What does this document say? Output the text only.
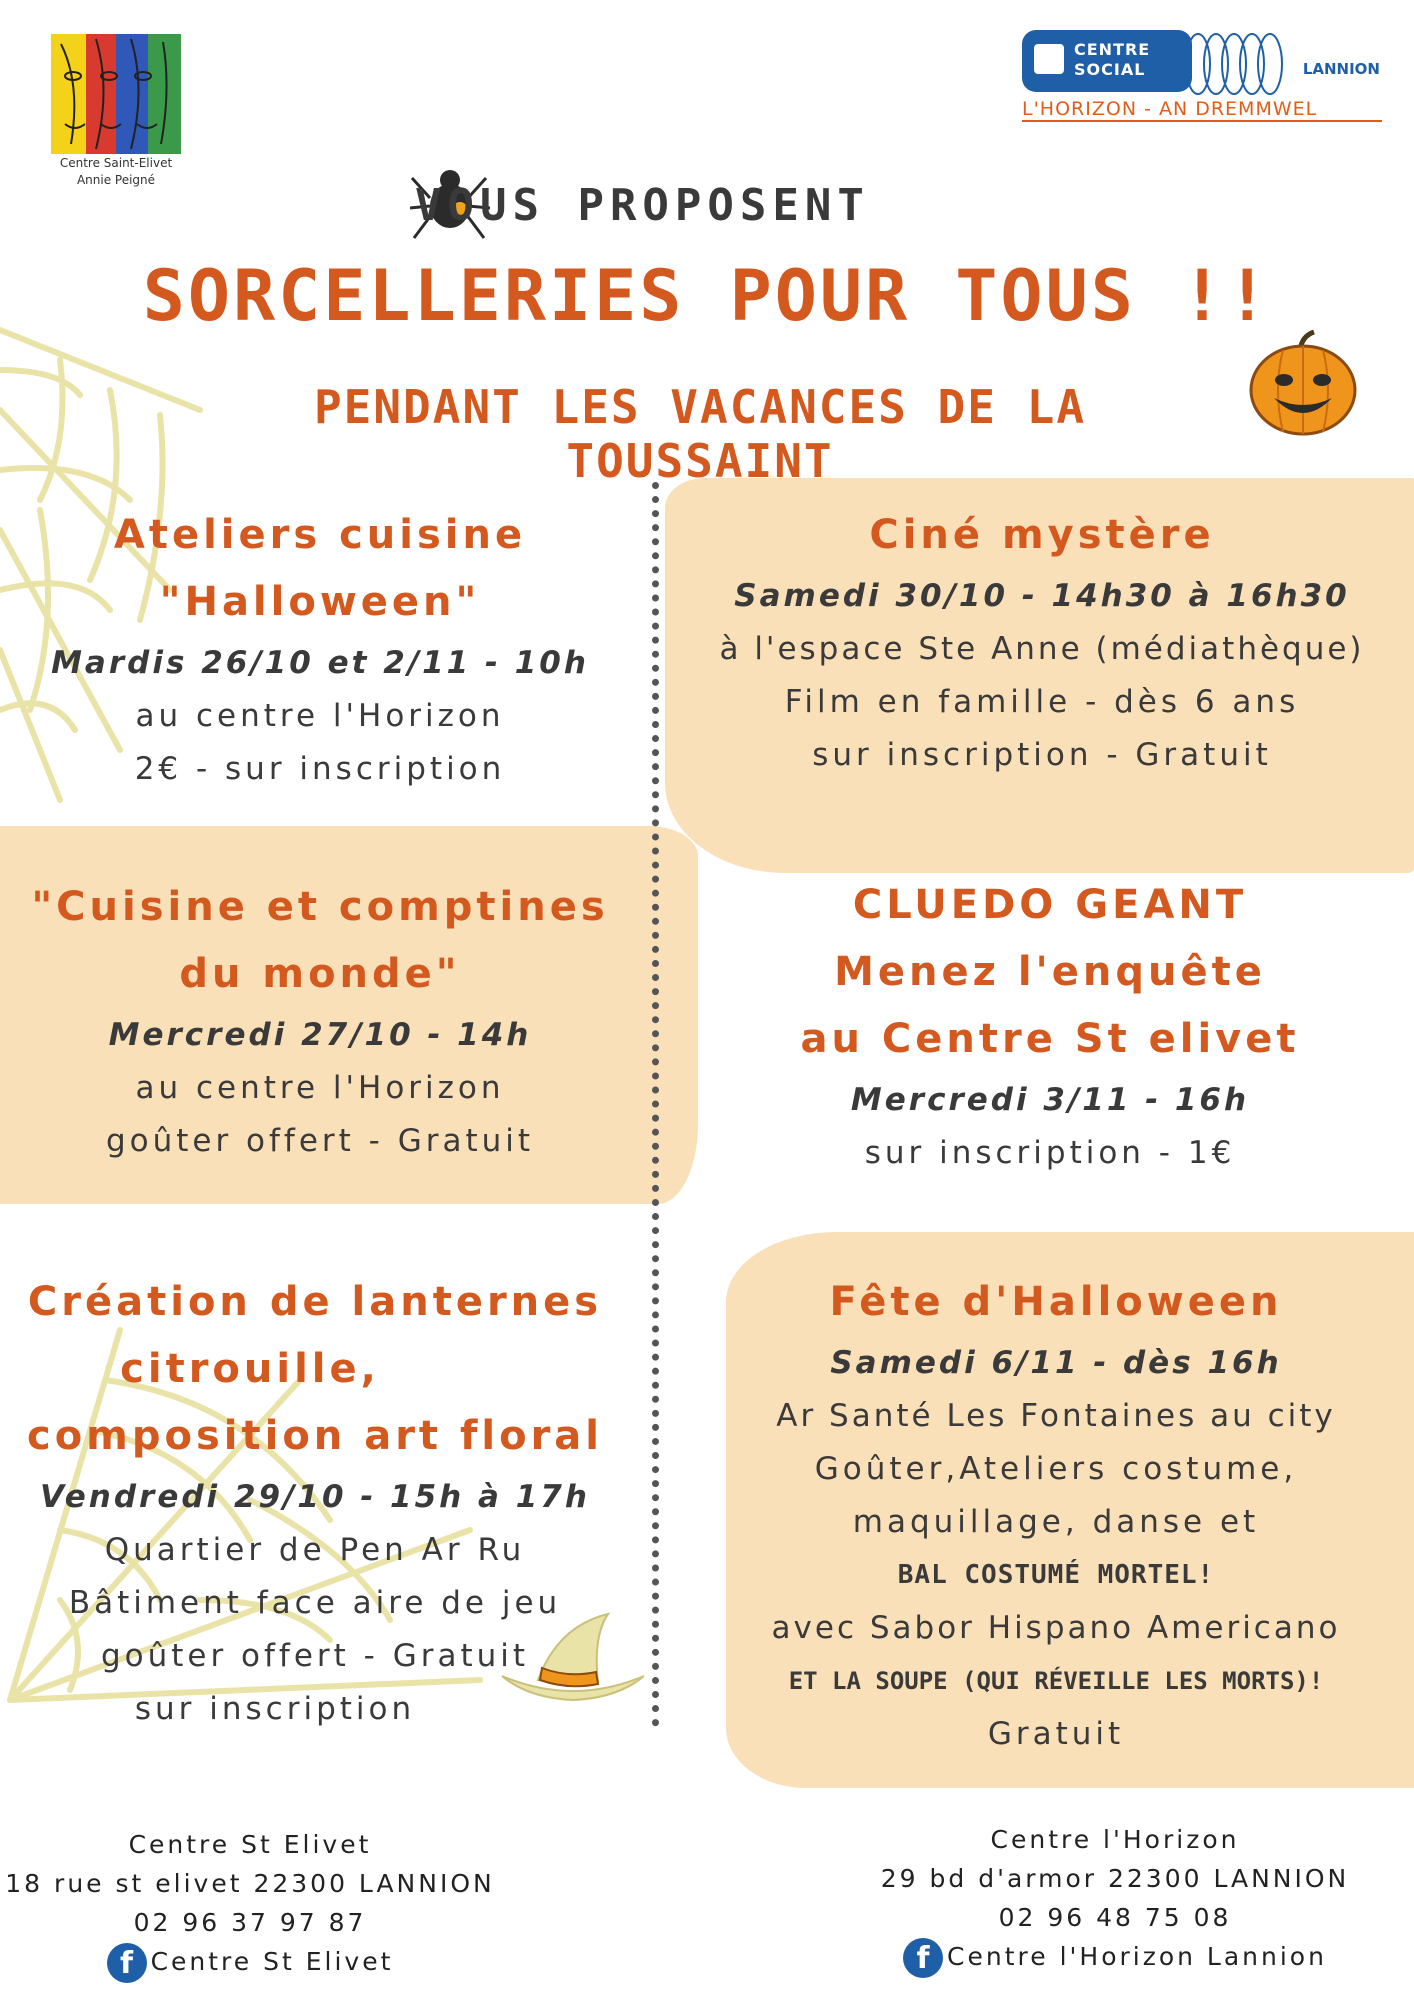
Centre Saint-Elivet
Annie Peigné
CENTRE
SOCIAL	LANNION
L'HORIZON - AN DREMMWEL
VOUS PROPOSENT
SORCELLERIES POUR TOUS !!
PENDANT LES VACANCES DE LA TOUSSAINT
Ateliers cuisine
"Halloween"
Mardis 26/10 et 2/11 - 10h
au centre l'Horizon
2€ - sur inscription
Ciné mystère
Samedi 30/10 - 14h30 à 16h30
à l'espace Ste Anne (médiathèque)
Film en famille - dès 6 ans
sur inscription - Gratuit
"Cuisine et comptines
du monde"
Mercredi 27/10 - 14h
au centre l'Horizon
goûter offert - Gratuit
CLUEDO GEANT
Menez l'enquête
au Centre St elivet
Mercredi 3/11 - 16h
sur inscription - 1€
Création de lanternes
citrouille,
composition art floral
Vendredi 29/10 - 15h à 17h
Quartier de Pen Ar Ru
Bâtiment face aire de jeu
goûter offert - Gratuit
sur inscription
Fête d'Halloween
Samedi 6/11 - dès 16h
Ar Santé Les Fontaines au city
Goûter,Ateliers costume,
maquillage, danse et
BAL COSTUMÉ MORTEL!
avec Sabor Hispano Americano
ET LA SOUPE (QUI RÉVEILLE LES MORTS)!
Gratuit
Centre St Elivet
18 rue st elivet 22300 LANNION
02 96 37 97 87
f Centre St Elivet
Centre l'Horizon
29 bd d'armor 22300 LANNION
02 96 48 75 08
f Centre l'Horizon Lannion
